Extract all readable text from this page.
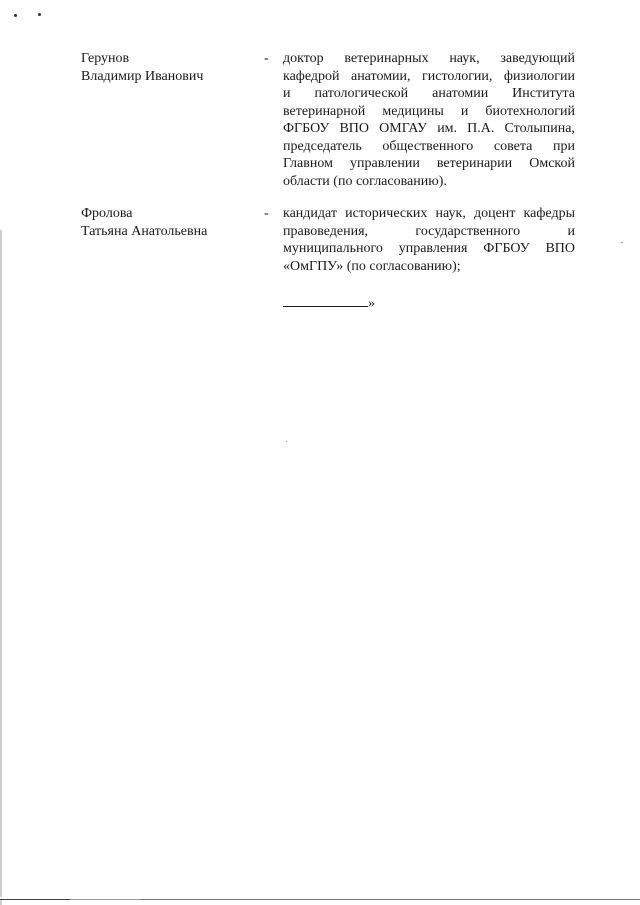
Герунов
Владимир Иванович
- доктор ветеринарных наук, заведующий
кафедрой анатомии, гистологии, физиологии
и патологической анатомии Института
ветеринарной медицины и биотехнологий
ФГБОУ ВПО ОМГАУ им. П.А. Столыпина,
председатель общественного совета при
Главном управлении ветеринарии Омской
области (по согласованию).
Фролова
Татьяна Анатольевна
- кандидат исторических наук, доцент кафедры
правоведения, государственного и
муниципального управления ФГБОУ ВПО
«ОмГПУ» (по согласованию);
»
